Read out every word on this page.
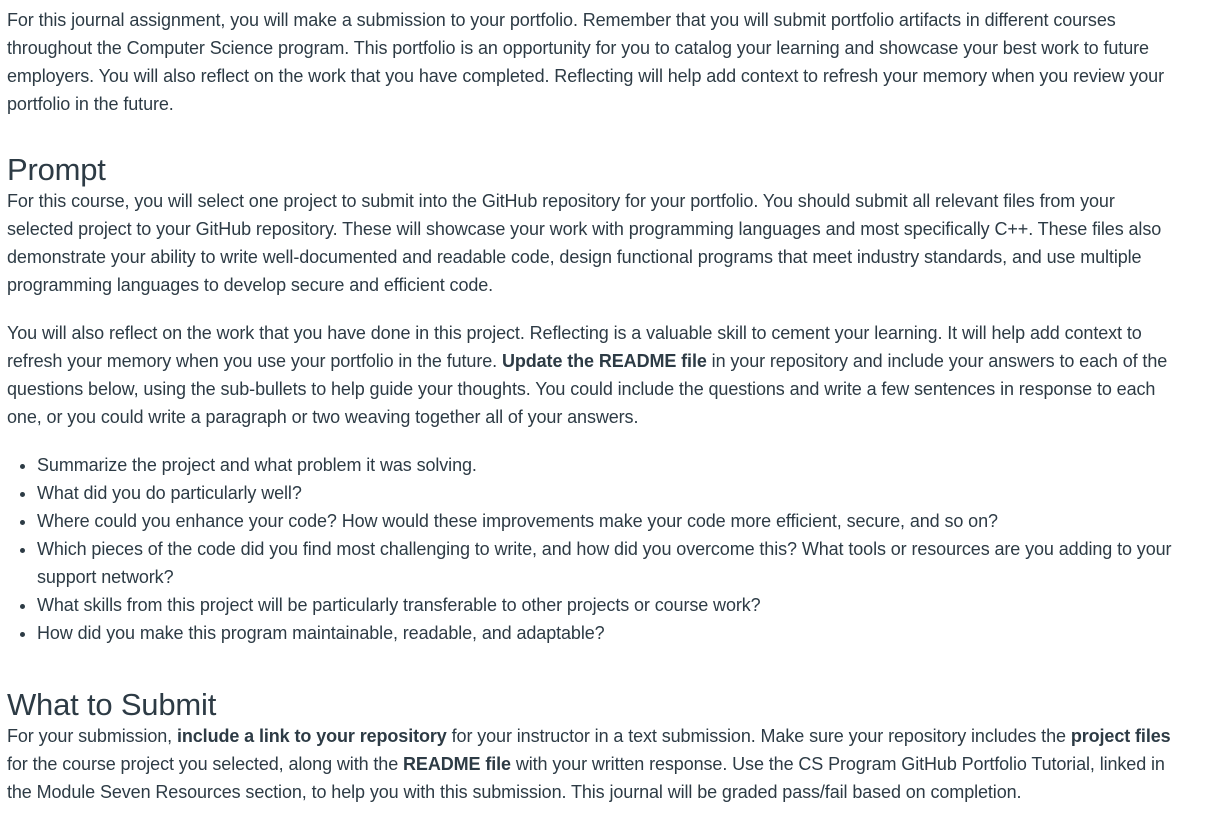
For this journal assignment, you will make a submission to your portfolio. Remember that you will submit portfolio artifacts in different courses throughout the Computer Science program. This portfolio is an opportunity for you to catalog your learning and showcase your best work to future employers. You will also reflect on the work that you have completed. Reflecting will help add context to refresh your memory when you review your portfolio in the future.

Prompt

For this course, you will select one project to submit into the GitHub repository for your portfolio. You should submit all relevant files from your selected project to your GitHub repository. These will showcase your work with programming languages and most specifically C++. These files also demonstrate your ability to write well-documented and readable code, design functional programs that meet industry standards, and use multiple programming languages to develop secure and efficient code.

You will also reflect on the work that you have done in this project. Reflecting is a valuable skill to cement your learning. It will help add context to refresh your memory when you use your portfolio in the future. Update the README file in your repository and include your answers to each of the questions below, using the sub-bullets to help guide your thoughts. You could include the questions and write a few sentences in response to each one, or you could write a paragraph or two weaving together all of your answers.

• Summarize the project and what problem it was solving.
• What did you do particularly well?
• Where could you enhance your code? How would these improvements make your code more efficient, secure, and so on?
• Which pieces of the code did you find most challenging to write, and how did you overcome this? What tools or resources are you adding to your support network?
• What skills from this project will be particularly transferable to other projects or course work?
• How did you make this program maintainable, readable, and adaptable?
What to Submit

For your submission, include a link to your repository for your instructor in a text submission. Make sure your repository includes the project files for the course project you selected, along with the README file with your written response. Use the CS Program GitHub Portfolio Tutorial, linked in the Module Seven Resources section, to help you with this submission. This journal will be graded pass/fail based on completion.
